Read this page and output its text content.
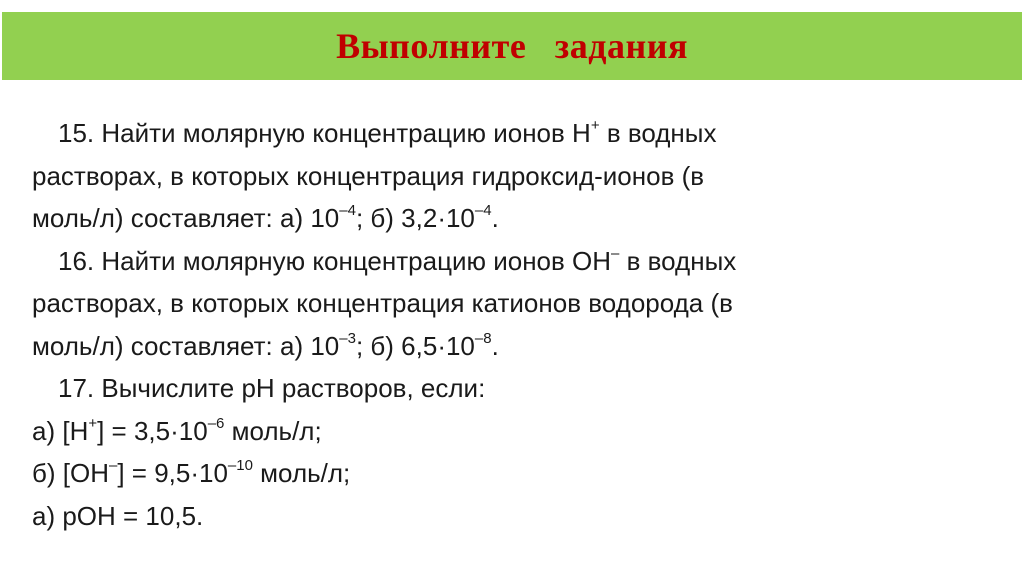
Выполните   задания
15. Найти молярную концентрацию ионов H+ в водных
растворах, в которых концентрация гидроксид-ионов (в
моль/л) составляет: а) $10^{-4}$; б) $3,2\cdot 10^{-4}$.
16. Найти молярную концентрацию ионов OH– в водных
растворах, в которых концентрация катионов водорода (в
моль/л) составляет: а) $10^{-3}$; б) $6,5\cdot 10^{-8}$.
17. Вычислите pH растворов, если:
а) $[H^+] = 3,5\cdot 10^{-6}$ моль/л;
б) $[OH^-] = 9,5\cdot 10^{-10}$ моль/л;
а) pOH = 10,5.
